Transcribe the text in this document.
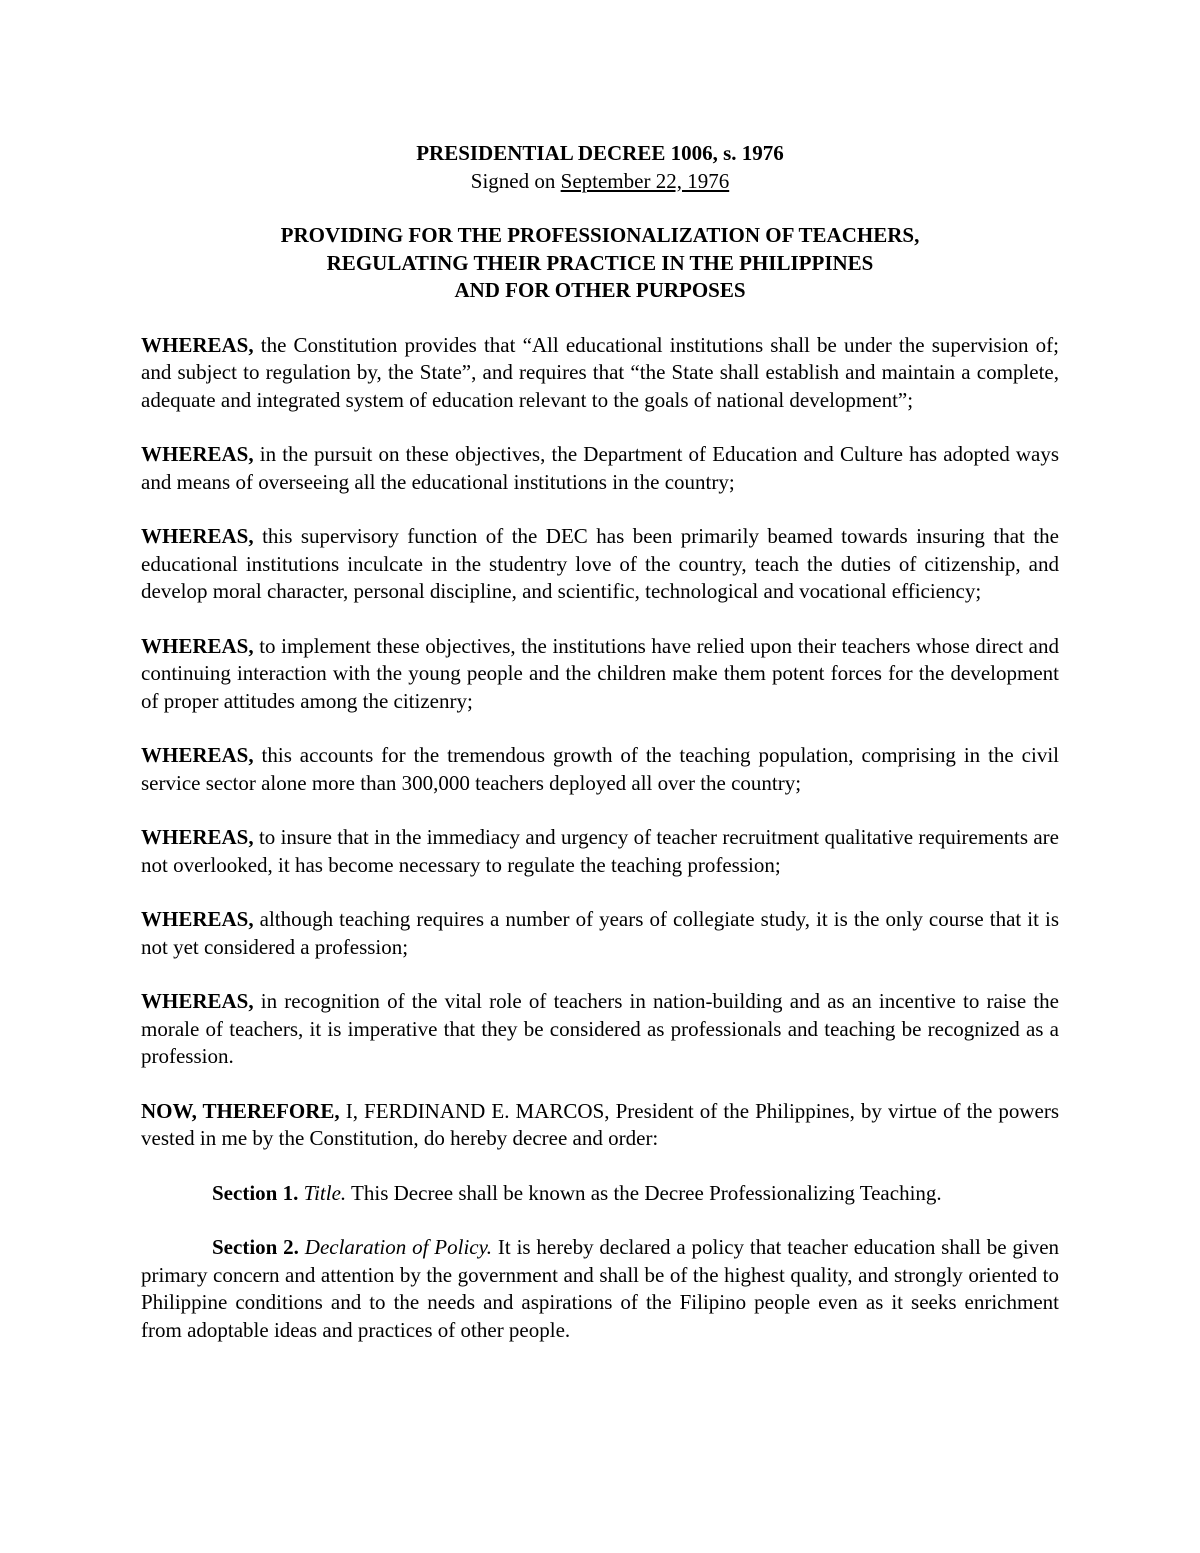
PRESIDENTIAL DECREE 1006, s. 1976
Signed on September 22, 1976
PROVIDING FOR THE PROFESSIONALIZATION OF TEACHERS,
REGULATING THEIR PRACTICE IN THE PHILIPPINES
AND FOR OTHER PURPOSES

WHEREAS, the Constitution provides that “All educational institutions shall be under the supervision of; and subject to regulation by, the State”, and requires that “the State shall establish and maintain a complete, adequate and integrated system of education relevant to the goals of national development”;

WHEREAS, in the pursuit on these objectives, the Department of Education and Culture has adopted ways and means of overseeing all the educational institutions in the country;

WHEREAS, this supervisory function of the DEC has been primarily beamed towards insuring that the educational institutions inculcate in the studentry love of the country, teach the duties of citizenship, and develop moral character, personal discipline, and scientific, technological and vocational efficiency;

WHEREAS, to implement these objectives, the institutions have relied upon their teachers whose direct and continuing interaction with the young people and the children make them potent forces for the development of proper attitudes among the citizenry;

WHEREAS, this accounts for the tremendous growth of the teaching population, comprising in the civil service sector alone more than 300,000 teachers deployed all over the country;

WHEREAS, to insure that in the immediacy and urgency of teacher recruitment qualitative requirements are not overlooked, it has become necessary to regulate the teaching profession;

WHEREAS, although teaching requires a number of years of collegiate study, it is the only course that it is not yet considered a profession;

WHEREAS, in recognition of the vital role of teachers in nation-building and as an incentive to raise the morale of teachers, it is imperative that they be considered as professionals and teaching be recognized as a profession.

NOW, THEREFORE, I, FERDINAND E. MARCOS, President of the Philippines, by virtue of the powers vested in me by the Constitution, do hereby decree and order:

Section 1. Title. This Decree shall be known as the Decree Professionalizing Teaching.

Section 2. Declaration of Policy. It is hereby declared a policy that teacher education shall be given primary concern and attention by the government and shall be of the highest quality, and strongly oriented to Philippine conditions and to the needs and aspirations of the Filipino people even as it seeks enrichment from adoptable ideas and practices of other people.
